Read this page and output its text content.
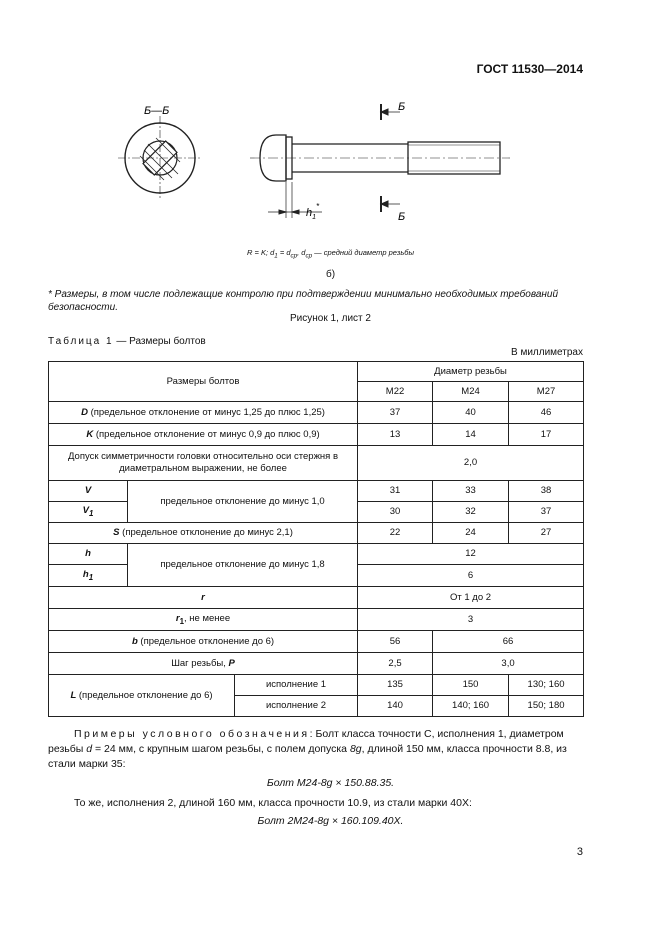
ГОСТ 11530—2014
Б—Б	Б
Б
$h_1^*$
R = K; $d_1 = d_{ср}$, $d_{ср}$ — средний диаметр резьбы
б)
* Размеры, в том числе подлежащие контролю при подтверждении минимально необходимых требований безопасности.
Рисунок 1, лист 2
Таблица 1 — Размеры болтов
В миллиметрах
Размеры болтов			Диаметр резьбы		
			М22	М24	М27
D (предельное отклонение от минус 1,25 до плюс 1,25)			37	40	46
K (предельное отклонение от минус 0,9 до плюс 0,9)			13	14	17
Допуск симметричности головки относительно оси стержня в диаметральном выражении, не более			2,0		
V	предельное отклонение до минус 1,0		31	33	38
$V_1$			30	32	37
S (предельное отклонение до минус 2,1)			22	24	27
h	предельное отклонение до минус 1,8		12		
$h_1$			6		
r			От 1 до 2		
$r_1$, не менее			3		
b (предельное отклонение до 6)			56	66	
Шаг резьбы, P			2,5	3,0	
L (предельное отклонение до 6)		исполнение 1	135	150	130; 160
		исполнение 2	140	140; 160	150; 180
Примеры условного обозначения: Болт класса точности С, исполнения 1, диаметром резьбы d = 24 мм, с крупным шагом резьбы, с полем допуска 8g, длиной 150 мм, класса прочности 8.8, из стали марки 35:
Болт М24-8g × 150.88.35.
То же, исполнения 2, длиной 160 мм, класса прочности 10.9, из стали марки 40Х:
Болт 2М24-8g × 160.109.40Х.
3
